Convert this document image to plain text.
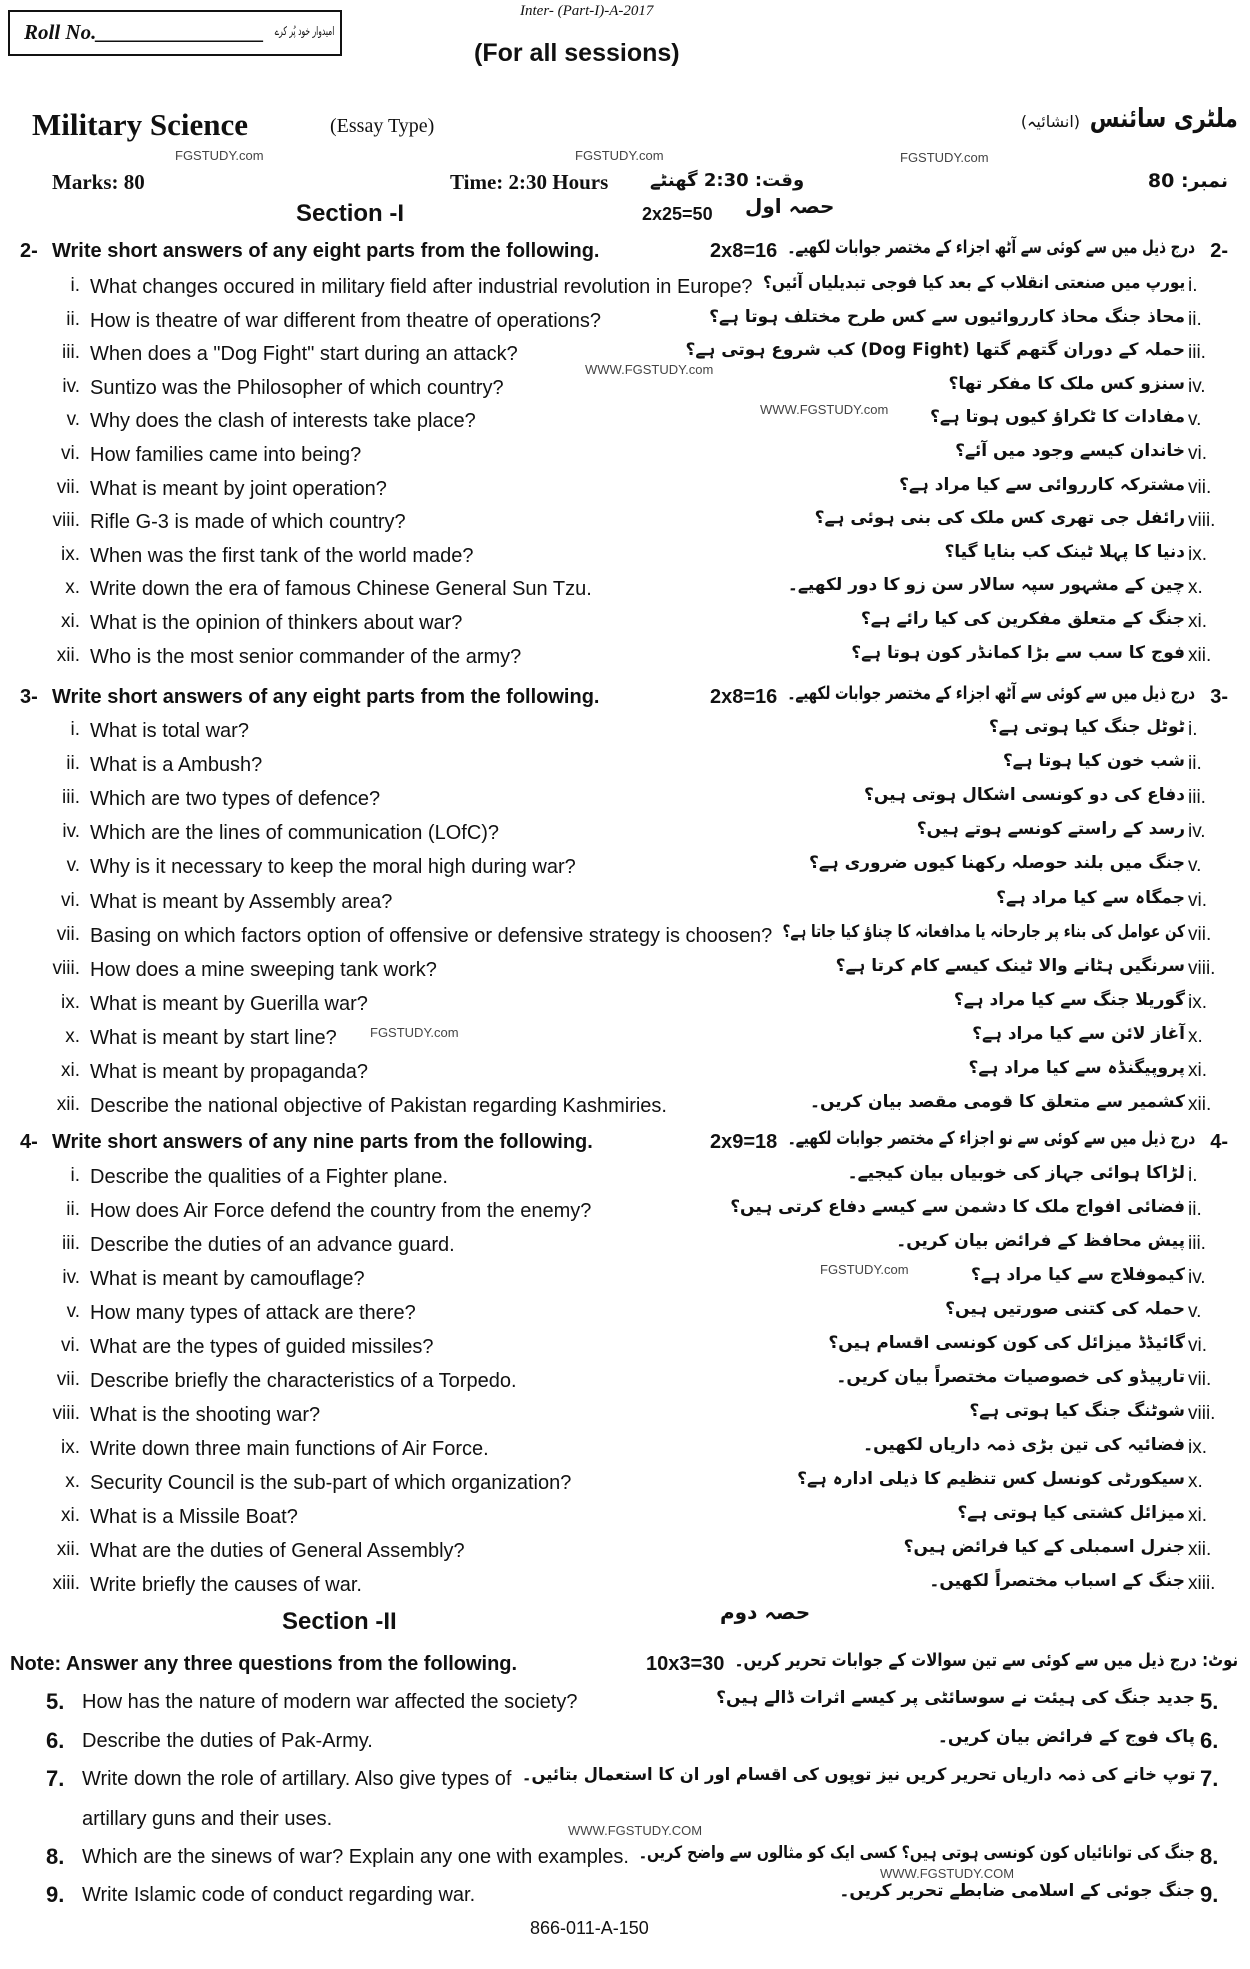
Inter- (Part-I)-A-2017
Roll No.________________ امیدوار خود پُر کرے
(For all sessions)
Military Science	(Essay Type)	ملٹری سائنس
(انشائیہ)
Marks: 80	Time: 2:30 Hours وقت: 2:30 گھنٹے	نمبر: 80
Section -I	2x25=50 حصہ اول
2- Write short answers of any eight parts from the following.	2x8=16 درج ذیل میں سے کوئی سے آٹھ اجزاء کے مختصر جوابات لکھیے۔ 2-
i. What changes occured in military field after industrial revolution in Europe? یورپ میں صنعتی انقلاب کے بعد کیا فوجی تبدیلیاں آئیں؟ i.
ii. How is theatre of war different from theatre of operations?	محاذ جنگ محاذ کارروائیوں سے کس طرح مختلف ہوتا ہے؟ ii.
iii. When does a "Dog Fight" start during an attack?	حملہ کے دوران گتھم گتھا (Dog Fight) کب شروع ہوتی ہے؟ iii.
iv. Suntizo was the Philosopher of which country?	سنزو کس ملک کا مفکر تھا؟ iv.
v. Why does the clash of interests take place?	مفادات کا ٹکراؤ کیوں ہوتا ہے؟ v.
vi. How families came into being?	خاندان کیسے وجود میں آئے؟ vi.
vii. What is meant by joint operation?	مشترکہ کارروائی سے کیا مراد ہے؟ vii.
viii. Rifle G-3 is made of which country?	رائفل جی تھری کس ملک کی بنی ہوئی ہے؟ viii.
ix. When was the first tank of the world made?	دنیا کا پہلا ٹینک کب بنایا گیا؟ ix.
x. Write down the era of famous Chinese General Sun Tzu.	چین کے مشہور سپہ سالار سن زو کا دور لکھیے۔ x.
xi. What is the opinion of thinkers about war?	جنگ کے متعلق مفکرین کی کیا رائے ہے؟ xi.
xii. Who is the most senior commander of the army?	فوج کا سب سے بڑا کمانڈر کون ہوتا ہے؟ xii.
3- Write short answers of any eight parts from the following.	2x8=16 درج ذیل میں سے کوئی سے آٹھ اجزاء کے مختصر جوابات لکھیے۔ 3-
i. What is total war?	ٹوٹل جنگ کیا ہوتی ہے؟ i.
ii. What is a Ambush?	شب خون کیا ہوتا ہے؟ ii.
iii. Which are two types of defence?	دفاع کی دو کونسی اشکال ہوتی ہیں؟ iii.
iv. Which are the lines of communication (LOfC)?	رسد کے راستے کونسے ہوتے ہیں؟ iv.
v. Why is it necessary to keep the moral high during war?	جنگ میں بلند حوصلہ رکھنا کیوں ضروری ہے؟ v.
vi. What is meant by Assembly area?	جمگاہ سے کیا مراد ہے؟ vi.
vii. Basing on which factors option of offensive or defensive strategy is choosen? کن عوامل کی بناء پر جارحانہ یا مدافعانہ کا چناؤ کیا جاتا ہے؟ vii.
viii. How does a mine sweeping tank work?	سرنگیں ہٹانے والا ٹینک کیسے کام کرتا ہے؟ viii.
ix. What is meant by Guerilla war?	گوریلا جنگ سے کیا مراد ہے؟ ix.
x. What is meant by start line?	آغاز لائن سے کیا مراد ہے؟ x.
xi. What is meant by propaganda?	پروپیگنڈہ سے کیا مراد ہے؟ xi.
xii. Describe the national objective of Pakistan regarding Kashmiries.	کشمیر سے متعلق کا قومی مقصد بیان کریں۔ xii.
4- Write short answers of any nine parts from the following.	2x9=18 درج ذیل میں سے کوئی سے نو اجزاء کے مختصر جوابات لکھیے۔ 4-
i. Describe the qualities of a Fighter plane.	لڑاکا ہوائی جہاز کی خوبیاں بیان کیجیے۔ i.
ii. How does Air Force defend the country from the enemy?	فضائی افواج ملک کا دشمن سے کیسے دفاع کرتی ہیں؟ ii.
iii. Describe the duties of an advance guard.	پیش محافظ کے فرائض بیان کریں۔ iii.
iv. What is meant by camouflage?	کیموفلاج سے کیا مراد ہے؟ iv.
v. How many types of attack are there?	حملہ کی کتنی صورتیں ہیں؟ v.
vi. What are the types of guided missiles?	گائیڈڈ میزائل کی کون کونسی اقسام ہیں؟ vi.
vii. Describe briefly the characteristics of a Torpedo.	تارپیڈو کی خصوصیات مختصراً بیان کریں۔ vii.
viii. What is the shooting war?	شوٹنگ جنگ کیا ہوتی ہے؟ viii.
ix. Write down three main functions of Air Force.	فضائیہ کی تین بڑی ذمہ داریاں لکھیں۔ ix.
x. Security Council is the sub-part of which organization?	سیکورٹی کونسل کس تنظیم کا ذیلی ادارہ ہے؟ x.
xi. What is a Missile Boat?	میزائل کشتی کیا ہوتی ہے؟ xi.
xii. What are the duties of General Assembly?	جنرل اسمبلی کے کیا فرائض ہیں؟ xii.
xiii. Write briefly the causes of war.	جنگ کے اسباب مختصراً لکھیں۔ xiii.
Section -II	حصہ دوم
Note: Answer any three questions from the following.	10x3=30 نوٹ: درج ذیل میں سے کوئی سے تین سوالات کے جوابات تحریر کریں۔
5. How has the nature of modern war affected the society?	جدید جنگ کی ہیئت نے سوسائٹی پر کیسے اثرات ڈالے ہیں؟ 5.
6. Describe the duties of Pak-Army.	پاک فوج کے فرائض بیان کریں۔ 6.
7. Write down the role of artillary. Also give types of
artillary guns and their uses.
توپ خانے کی ذمہ داریاں تحریر کریں نیز توپوں کی اقسام اور ان کا استعمال بتائیں۔ 7.
8. Which are the sinews of war? Explain any one with examples. جنگ کی توانائیاں کون کونسی ہوتی ہیں؟ کسی ایک کو مثالوں سے واضح کریں۔ 8.
9. Write Islamic code of conduct regarding war.	جنگ جوئی کے اسلامی ضابطے تحریر کریں۔ 9.
FGSTUDY.com
FGSTUDY.com	FGSTUDY.com
WWW.FGSTUDY.com
WWW.FGSTUDY.com
FGSTUDY.com
FGSTUDY.com
WWW.FGSTUDY.COM
WWW.FGSTUDY.COM
866-011-A-150
